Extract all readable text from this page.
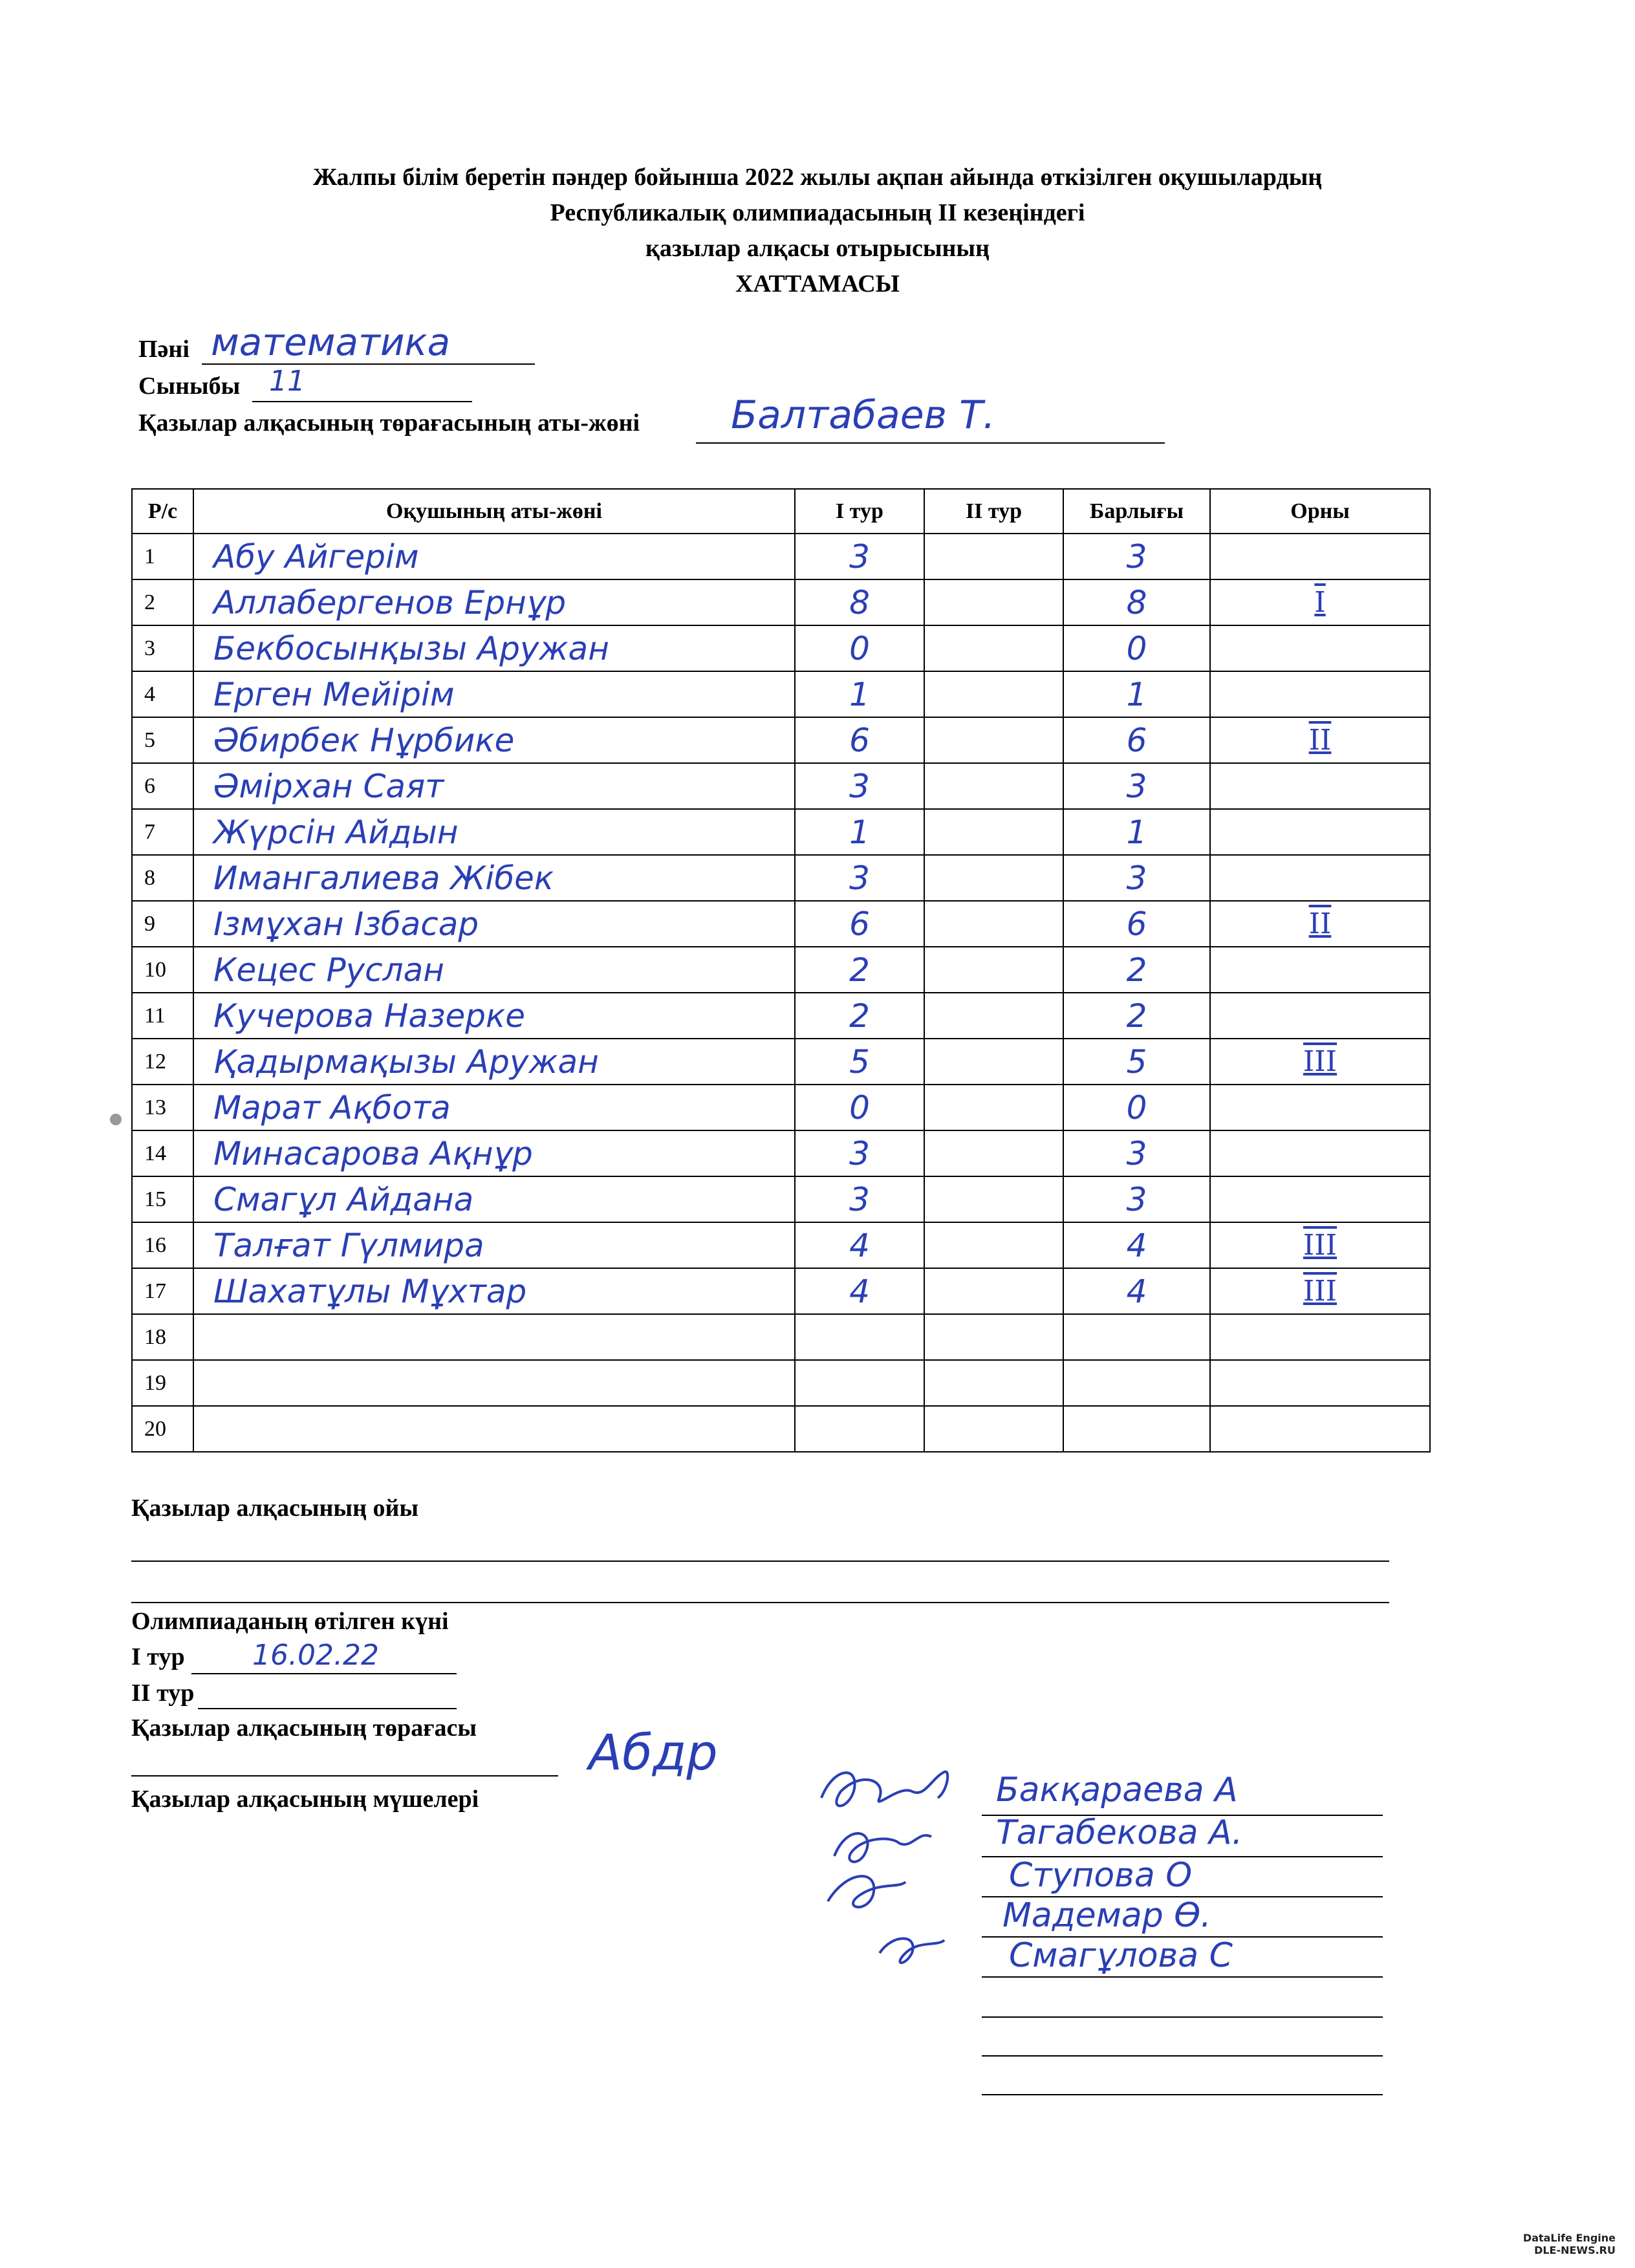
Жалпы білім беретін пәндер бойынша 2022 жылы ақпан айында өткізілген оқушылардың
Республикалық олимпиадасының II кезеңіндегі
қазылар алқасы отырысының
ХАТТАМАСЫ
Пәні математика
Сыныбы 11
Қазылар алқасының төрағасының аты-жөні Балтабаев Т.
Р/с	Оқушының аты-жөні	I тур	II тур	Барлығы	Орны
1	Абу Айгерім	3		3	
2	Аллабергенов Ернұр	8		8	I
3	Бекбосынқызы Аружан	0		0	
4	Ерген Мейірім	1		1	
5	Әбирбек Нұрбике	6		6	II
6	Әмірхан Саят	3		3	
7	Жүрсін Айдын	1		1	
8	Имангалиева Жібек	3		3	
9	Ізмұхан Ізбасар	6		6	II
10	Кецес Руслан	2		2	
11	Кучерова Назерке	2		2	
12	Қадырмақызы Аружан	5		5	III
13	Марат Ақбота	0		0	
14	Минасарова Ақнұр	3		3	
15	Смагұл Айдана	3		3	
16	Талғат Гүлмира	4		4	III
17	Шахатұлы Мұхтар	4		4	III
18					
19					
20					
Қазылар алқасының ойы
Олимпиаданың өтілген күні
I тур 16.02.22
II тур
Қазылар алқасының төрағасы Абдр
Қазылар алқасының мүшелері	Бакқараева А
Тагабекова А.
Ступова О
Мадемар Ө.
Смагұлова С
DataLife Engine
DLE-NEWS.RU
